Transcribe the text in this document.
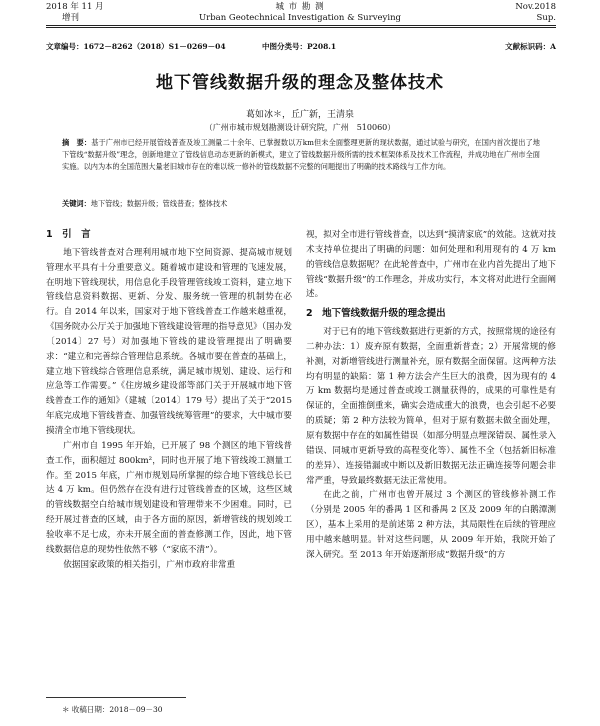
2018 年 11 月
增刊
城 市 勘 测
Urban Geotechnical Investigation & Surveying
Nov.2018
Sup.
文章编号：1672－8262（2018）S1－0269－04	中图分类号：P208.1	文献标识码：A
地下管线数据升级的理念及整体技术
葛如冰＊，丘广新，王清泉
（广州市城市规划勘测设计研究院，广州　510060）
摘　要：基于广州市已经开展管线普查及竣工测量二十余年、已掌握数以万km但未全面整理更新的现状数据，通过试验与研究，在国内首次提出了地下管线“数据升级”理念，创新地建立了管线信息动态更新的新模式，建立了管线数据升级所需的技术框架体系及技术工作流程，并成功地在广州市全面实施。以内为本的全国范围大量老旧城市存在的难以统一修补的管线数据不完整的问题提出了明确的技术路线与工作方向。
关键词：地下管线；数据升级；管线普查；整体技术
1　引　言

地下管线普查对合理利用城市地下空间资源、提高城市规划管理水平具有十分重要意义。随着城市建设和管理的飞速发展，在明地下管线现状，用信息化手段管理管线竣工资料，建立地下管线信息资料数据、更新、分发、服务统一管理的机制势在必行。自 2014 年以来，国家对于地下管线普查工作越来越重视，《国务院办公厅关于加强地下管线建设管理的指导意见》（国办发〔2014〕27 号）对加强地下管线的建设管理提出了明确要求：“建立和完善综合管理信息系统。各城市要在普查的基础上，建立地下管线综合管理信息系统，满足城市规划、建设、运行和应急等工作需要。”《住房城乡建设部等部门关于开展城市地下管线普查工作的通知》（建城〔2014〕179 号）提出了关于“2015 年底完成地下管线普查、加强管线统筹管理”的要求，大中城市要摸清全市地下管线现状。

广州市自 1995 年开始，已开展了 98 个测区的地下管线普查工作，面积超过 800km²，同时也开展了地下管线竣工测量工作。至 2015 年底，广州市规划局所掌握的综合地下管线总长已达 4 万 km。但仍然存在没有进行过管线普查的区域，这些区域的管线数据空白给城市规划建设和管理带来不少困难。同时，已经开展过普查的区域，由于各方面的原因，新增管线的规划竣工验收率不足七成，亦未开展全面的普查修测工作，因此，地下管线数据信息的现势性依然不够（“家底不清”）。

依据国家政策的相关指引，广州市政府非常重

视，拟对全市进行管线普查，以达到“摸清家底”的效能。这就对技术支持单位提出了明确的问题：如何处理和利用现有的 4 万 km 的管线信息数据呢？在此轮普查中，广州市在业内首先提出了地下管线“数据升级”的工作理念，并成功实行，本文将对此进行全面阐述。

2　地下管线数据升级的理念提出

对于已有的地下管线数据进行更新的方式，按照常规的途径有二种办法：1）废弃原有数据，全面重新普查；2）开展常规的修补测，对新增管线进行测量补充，原有数据全面保留。这两种方法均有明显的缺陷：第 1 种方法会产生巨大的浪费，因为现有的 4 万 km 数据均是通过普查或竣工测量获得的，成果的可靠性是有保证的，全面推倒重来，确实会造成重大的浪费，也会引起不必要的质疑；第 2 种方法较为简单，但对于原有数据未做全面处理，原有数据中存在的如属性错误（如部分明显点埋深错误、属性录入错误、同城市更新导致的高程变化等）、属性不全（包括新旧标准的差异）、连接错漏或中断以及新旧数据无法正确连接等问题会非常严重，导致最终数据无法正常使用。

在此之前，广州市也曾开展过 3 个测区的管线修补测工作（分别是 2005 年的番禺 1 区和番禺 2 区及 2009 年的白鹅潭测区），基本上采用的是前述第 2 种方法，其局限性在后续的管理应用中越来越明显。针对这些问题，从 2009 年开始，我院开始了深入研究。至 2013 年开始逐渐形成“数据升级”的方

＊ 收稿日期：2018－09－30
